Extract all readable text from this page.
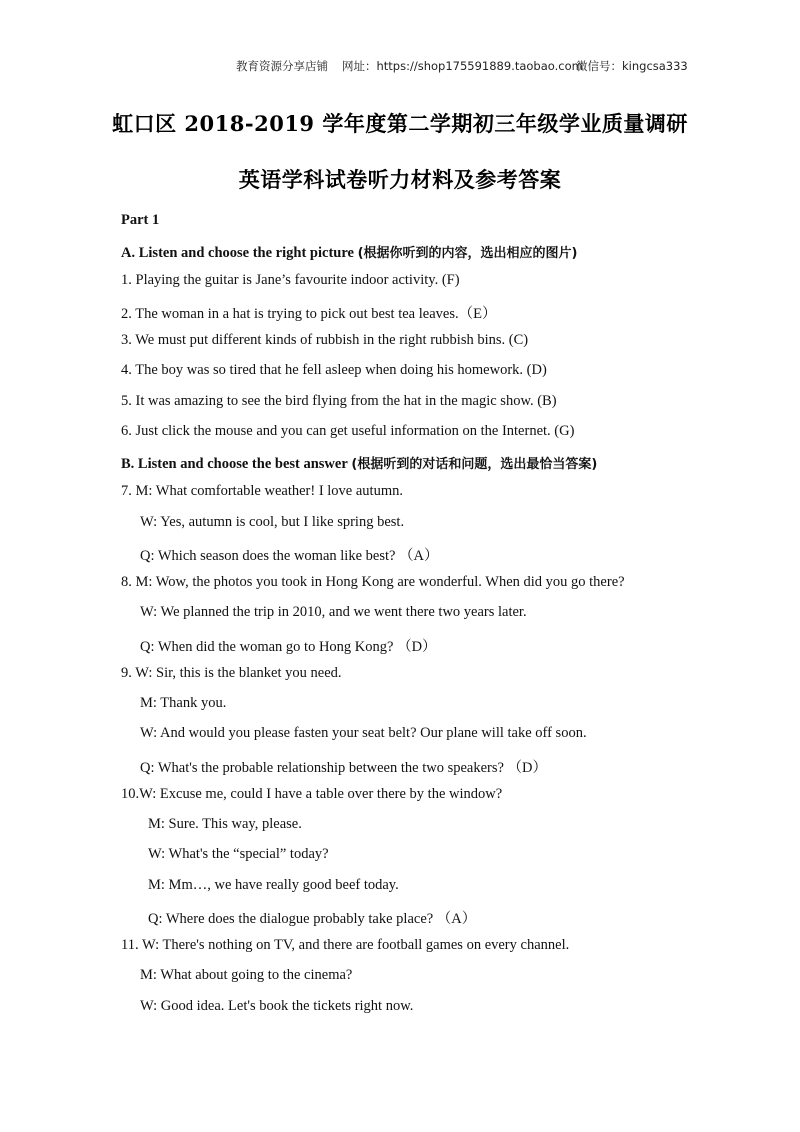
教育资源分享店铺 网址：https://shop175591889.taobao.com
微信号：kingcsa333
虹口区 2018-2019 学年度第二学期初三年级学业质量调研
英语学科试卷听力材料及参考答案
Part 1
A. Listen and choose the right picture (根据你听到的内容，选出相应的图片)
1. Playing the guitar is Jane’s favourite indoor activity. (F)
2. The woman in a hat is trying to pick out best tea leaves.（E）
3. We must put different kinds of rubbish in the right rubbish bins. (C)
4. The boy was so tired that he fell asleep when doing his homework. (D)
5. It was amazing to see the bird flying from the hat in the magic show. (B)
6. Just click the mouse and you can get useful information on the Internet. (G)
B. Listen and choose the best answer (根据听到的对话和问题，选出最恰当答案)
7. M: What comfortable weather! I love autumn.
W: Yes, autumn is cool, but I like spring best.
Q: Which season does the woman like best? （A）
8. M: Wow, the photos you took in Hong Kong are wonderful. When did you go there?
W: We planned the trip in 2010, and we went there two years later.
Q: When did the woman go to Hong Kong? （D）
9. W: Sir, this is the blanket you need.
M: Thank you.
W: And would you please fasten your seat belt? Our plane will take off soon.
Q: What's the probable relationship between the two speakers? （D）
10.W: Excuse me, could I have a table over there by the window?
M: Sure. This way, please.
W: What's the “special” today?
M: Mm…, we have really good beef today.
Q: Where does the dialogue probably take place? （A）
11. W: There's nothing on TV, and there are football games on every channel.
M: What about going to the cinema?
W: Good idea. Let's book the tickets right now.
